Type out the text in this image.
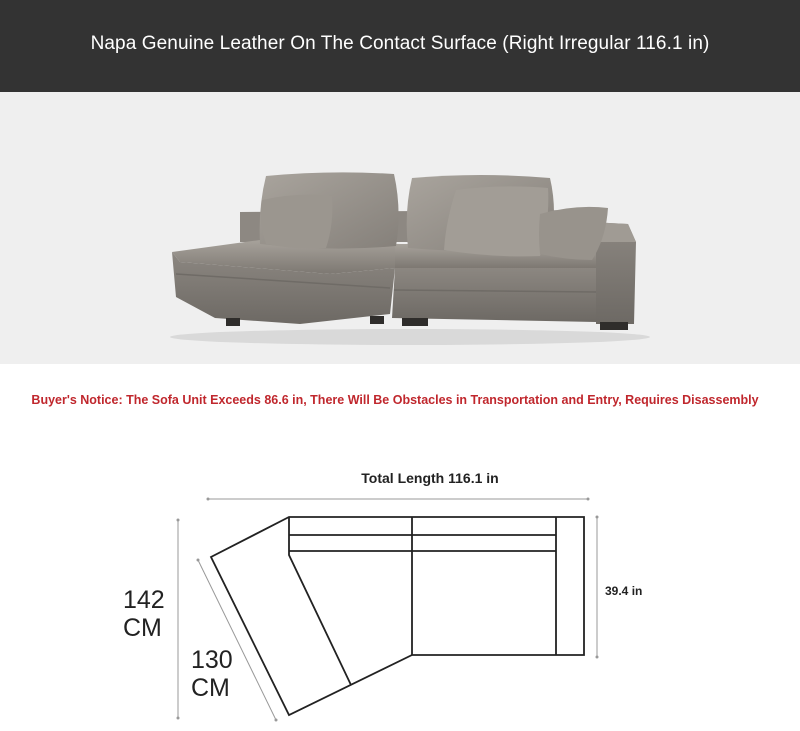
Napa Genuine Leather On The Contact Surface (Right Irregular 116.1 in)
Buyer's Notice: The Sofa Unit Exceeds 86.6 in, There Will Be Obstacles in Transportation and Entry, Requires Disassembly
Total Length 116.1 in
39.4 in
142
CM
130
CM
